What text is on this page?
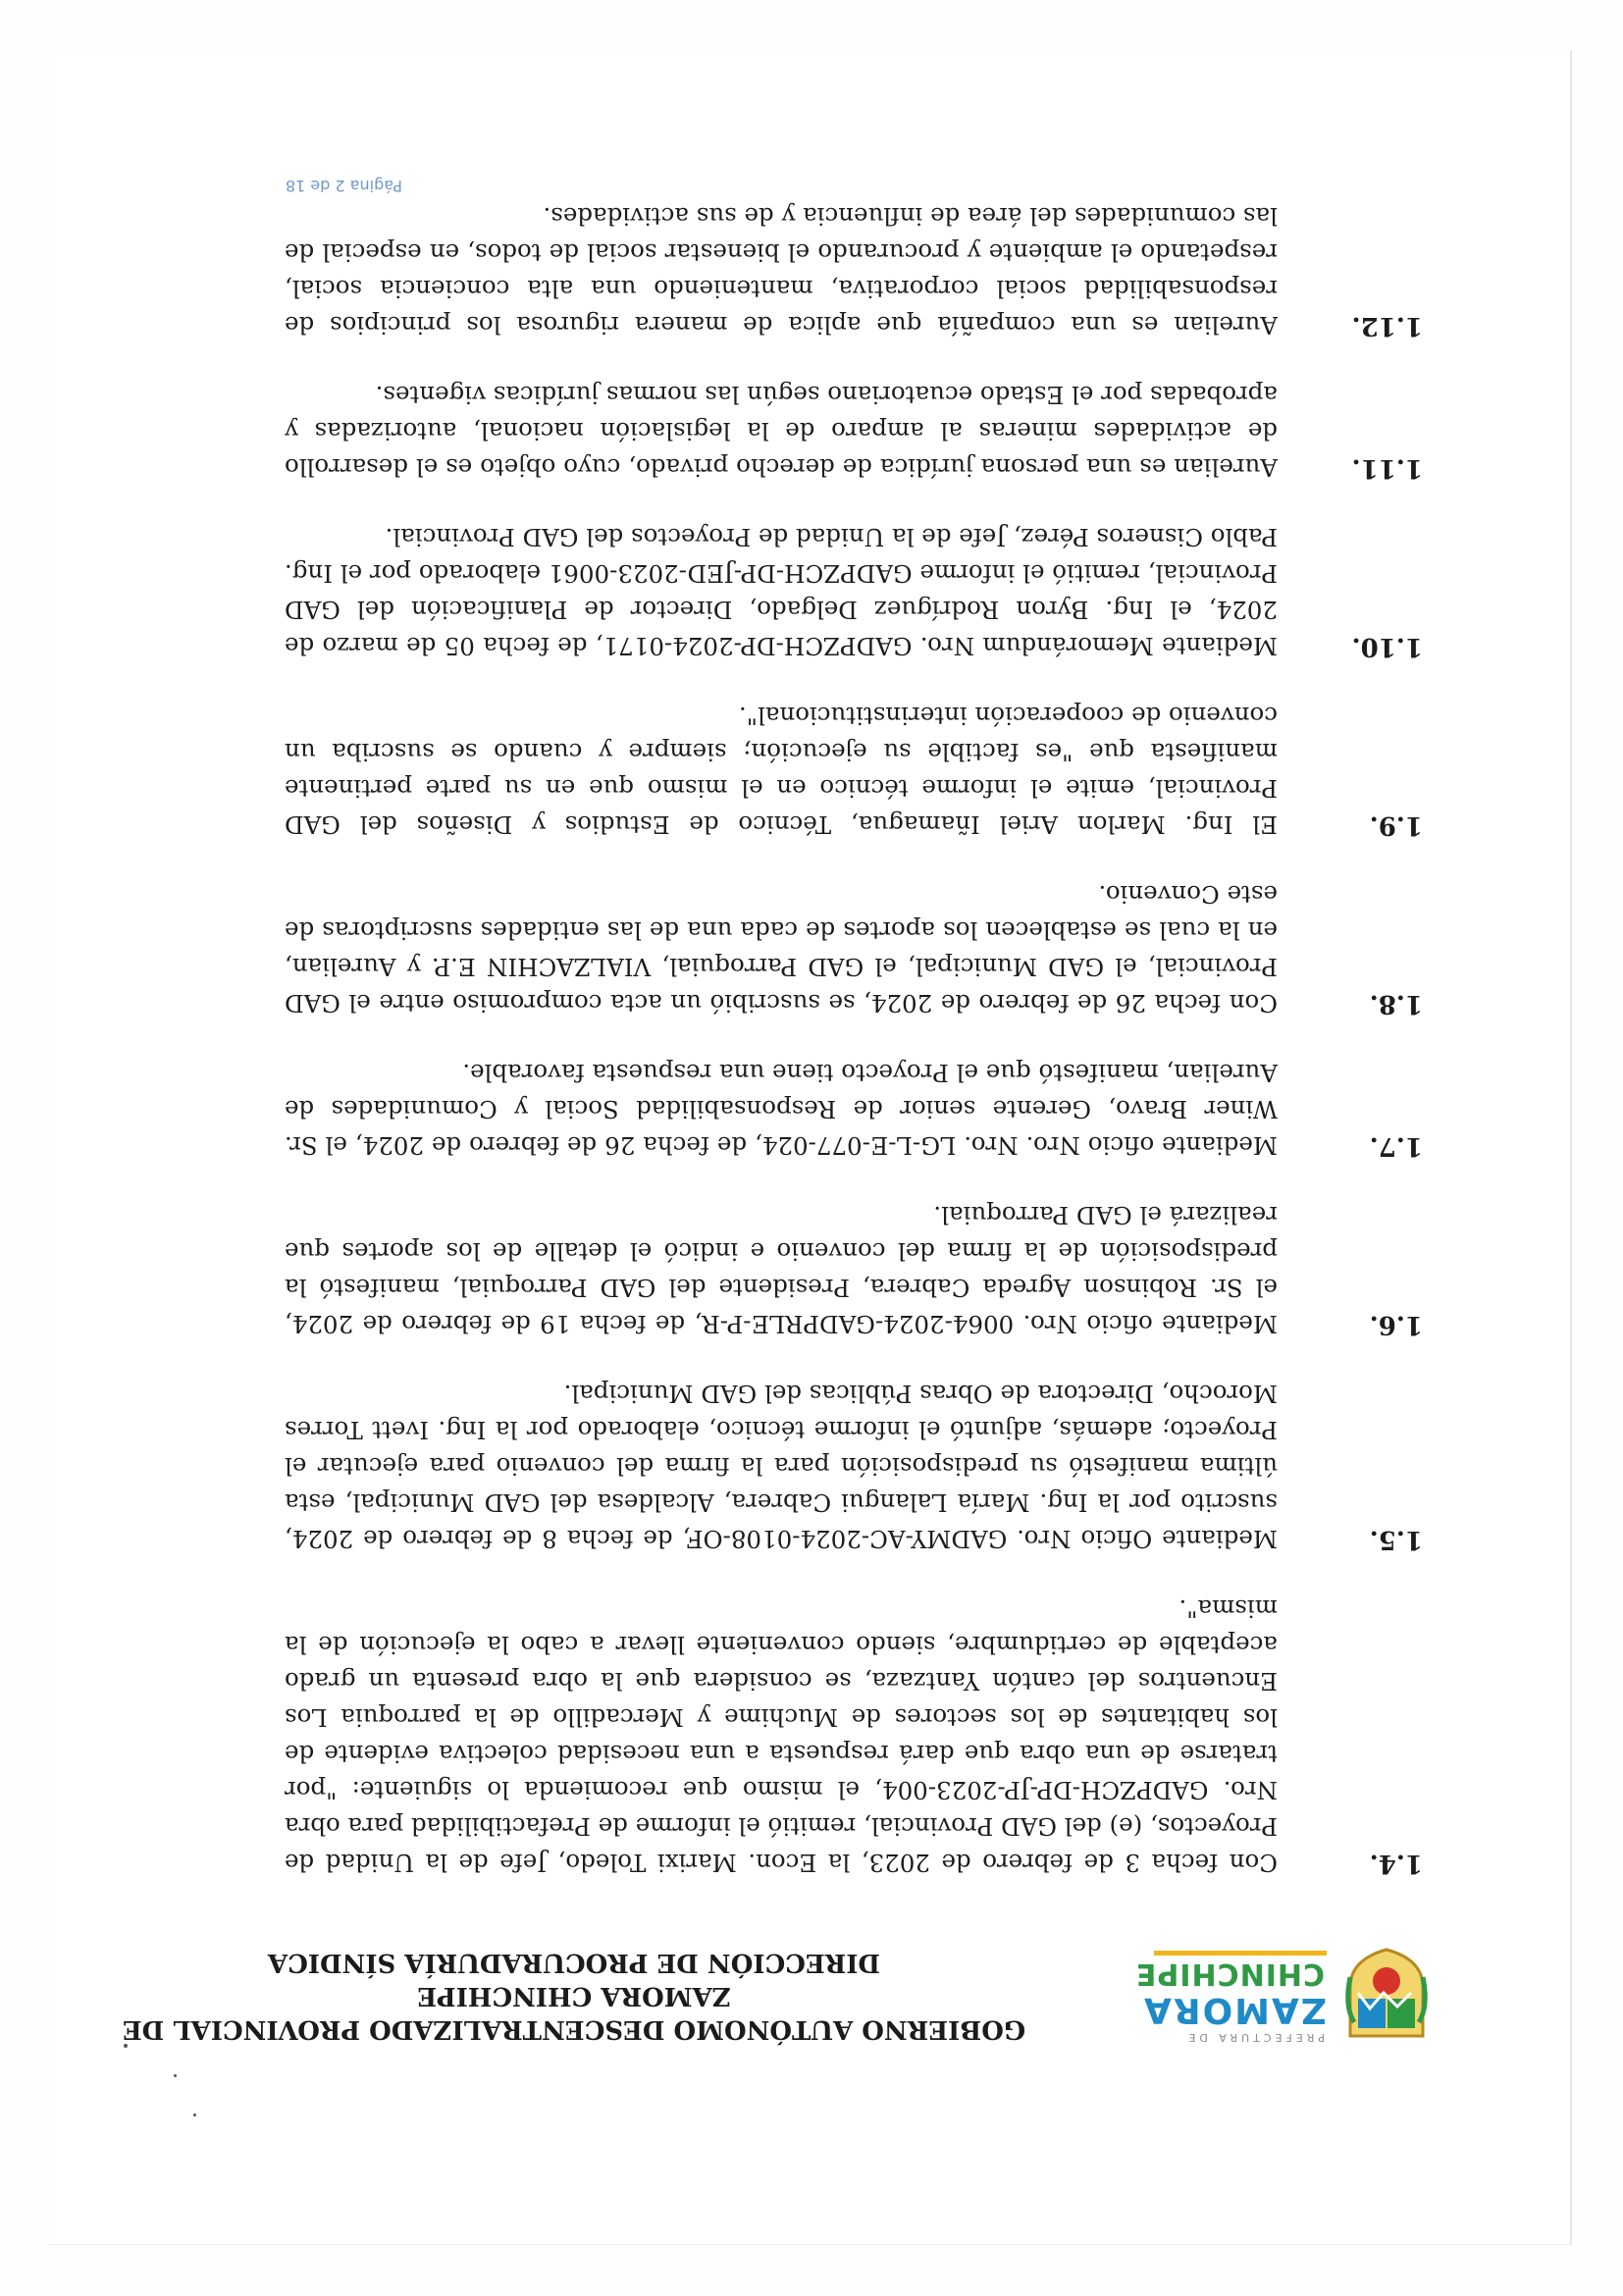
PREFECTURA DE
ZAMORA
CHINCHIPE
GOBIERNO AUTÓNOMO DESCENTRALIZADO PROVINCIAL DE
ZAMORA CHINCHIPE
DIRECCIÓN DE PROCURADURÍA SÍNDICA
1.4.
Con fecha 3 de febrero de 2023, la Econ. Marixi Toledo, Jefe de la Unidad de Proyectos, (e) del GAD Provincial, remitió el informe de Prefactibilidad para obra Nro. GADPZCH-DP-JP-2023-004, el mismo que recomienda lo siguiente: "por tratarse de una obra que dará respuesta a una necesidad colectiva evidente de los habitantes de los sectores de Muchime y Mercadillo de la parroquia Los Encuentros del cantón Yantzaza, se considera que la obra presenta un grado aceptable de certidumbre, siendo conveniente llevar a cabo la ejecución de la misma".
1.5.
Mediante Oficio Nro. GADMY-AC-2024-0108-OF, de fecha 8 de febrero de 2024, suscrito por la Ing. María Lalangui Cabrera, Alcaldesa del GAD Municipal, esta última manifestó su predisposición para la firma del convenio para ejecutar el Proyecto; además, adjuntó el informe técnico, elaborado por la Ing. Ivett Torres Morocho, Directora de Obras Públicas del GAD Municipal.
1.6.
Mediante oficio Nro. 0064-2024-GADPRLE-P-R, de fecha 19 de febrero de 2024, el Sr. Robinson Agreda Cabrera, Presidente del GAD Parroquial, manifestó la predisposición de la firma del convenio e indicó el detalle de los aportes que realizará el GAD Parroquial.
1.7.
Mediante oficio Nro. Nro. LG-L-E-077-024, de fecha 26 de febrero de 2024, el Sr. Winer Bravo, Gerente senior de Responsabilidad Social y Comunidades de Aurelian, manifestó que el Proyecto tiene una respuesta favorable.
1.8.
Con fecha 26 de febrero de 2024, se suscribió un acta compromiso entre el GAD Provincial, el GAD Municipal, el GAD Parroquial, VIALZACHIN E.P. y Aurelian, en la cual se establecen los aportes de cada una de las entidades suscriptoras de este Convenio.
1.9.
El Ing. Marlon Ariel Iñamagua, Técnico de Estudios y Diseños del GAD Provincial, emite el informe técnico en el mismo que en su parte pertinente manifiesta que "es factible su ejecución; siempre y cuando se suscriba un convenio de cooperación interinstitucional".
1.10.
Mediante Memorándum Nro. GADPZCH-DP-2024-0171, de fecha 05 de marzo de 2024, el Ing. Byron Rodríguez Delgado, Director de Planificación del GAD Provincial, remitió el informe GADPZCH-DP-JED-2023-0061 elaborado por el Ing. Pablo Cisneros Pérez, Jefe de la Unidad de Proyectos del GAD Provincial.
1.11.
Aurelian es una persona jurídica de derecho privado, cuyo objeto es el desarrollo de actividades mineras al amparo de la legislación nacional, autorizadas y aprobadas por el Estado ecuatoriano según las normas jurídicas vigentes.
1.12.
Aurelian es una compañía que aplica de manera rigurosa los principios de responsabilidad social corporativa, manteniendo una alta conciencia social, respetando el ambiente y procurando el bienestar social de todos, en especial de las comunidades del área de influencia y de sus actividades.
Página 2 de 18
